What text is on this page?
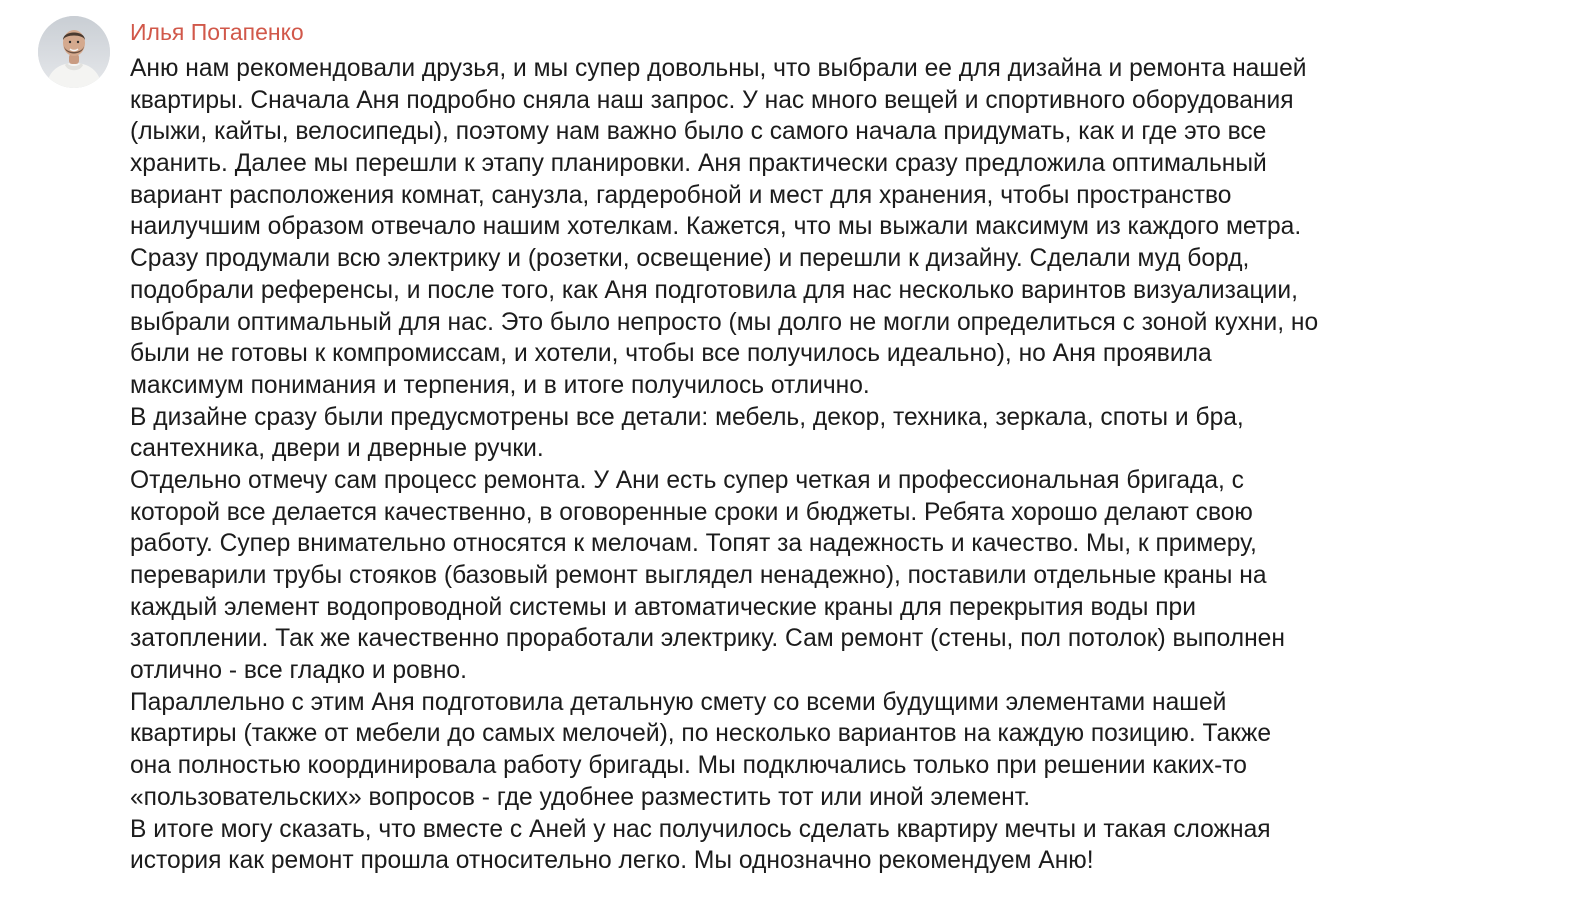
Илья Потапенко
Аню нам рекомендовали друзья, и мы супер довольны, что выбрали ее для дизайна и ремонта нашей
квартиры. Сначала Аня подробно сняла наш запрос. У нас много вещей и спортивного оборудования
(лыжи, кайты, велосипеды), поэтому нам важно было с самого начала придумать, как и где это все
хранить. Далее мы перешли к этапу планировки. Аня практически сразу предложила оптимальный
вариант расположения комнат, санузла, гардеробной и мест для хранения, чтобы пространство
наилучшим образом отвечало нашим хотелкам. Кажется, что мы выжали максимум из каждого метра.
Сразу продумали всю электрику и (розетки, освещение) и перешли к дизайну. Сделали муд борд,
подобрали референсы, и после того, как Аня подготовила для нас несколько варинтов визуализации,
выбрали оптимальный для нас. Это было непросто (мы долго не могли определиться с зоной кухни, но
были не готовы к компромиссам, и хотели, чтобы все получилось идеально), но Аня проявила
максимум понимания и терпения, и в итоге получилось отлично.
В дизайне сразу были предусмотрены все детали: мебель, декор, техника, зеркала, споты и бра,
сантехника, двери и дверные ручки.
Отдельно отмечу сам процесс ремонта. У Ани есть супер четкая и профессиональная бригада, с
которой все делается качественно, в оговоренные сроки и бюджеты. Ребята хорошо делают свою
работу. Супер внимательно относятся к мелочам. Топят за надежность и качество. Мы, к примеру,
переварили трубы стояков (базовый ремонт выглядел ненадежно), поставили отдельные краны на
каждый элемент водопроводной системы и автоматические краны для перекрытия воды при
затоплении. Так же качественно проработали электрику. Сам ремонт (стены, пол потолок) выполнен
отлично - все гладко и ровно.
Параллельно с этим Аня подготовила детальную смету со всеми будущими элементами нашей
квартиры (также от мебели до самых мелочей), по несколько вариантов на каждую позицию. Также
она полностью координировала работу бригады. Мы подключались только при решении каких-то
«пользовательских» вопросов - где удобнее разместить тот или иной элемент.
В итоге могу сказать, что вместе с Аней у нас получилось сделать квартиру мечты и такая сложная
история как ремонт прошла относительно легко. Мы однозначно рекомендуем Аню!
